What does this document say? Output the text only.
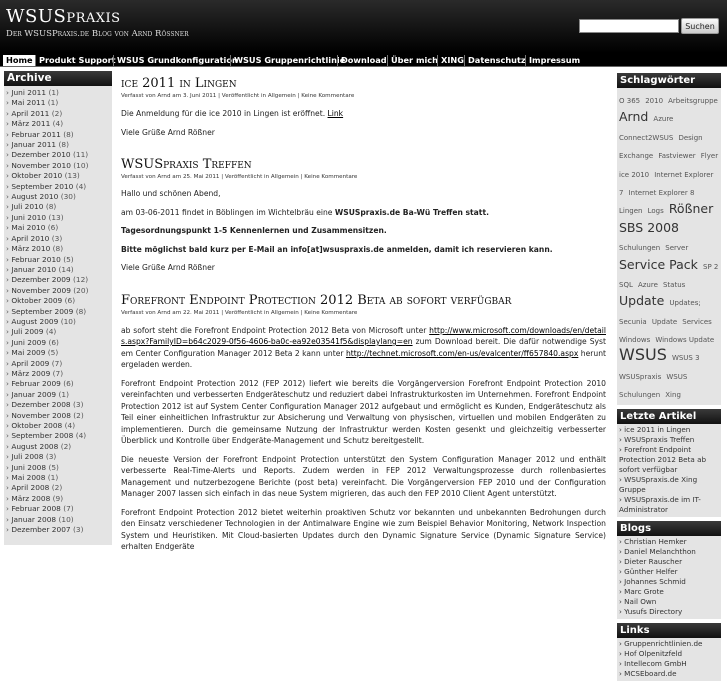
WSUSpraxis
Der WSUSPraxis.de Blog von Arnd Rößner
Suchen
Home Produkt Support WSUS Grundkonfiguration
WSUS Gruppenrichtlinie
Download Über mich XING Datenschutz Impressum
Archive
› Juni 2011 (1)
› Mai 2011 (1)
› April 2011 (2)
› März 2011 (4)
› Februar 2011 (8)
› Januar 2011 (8)
› Dezember 2010 (11)
› November 2010 (10)
› Oktober 2010 (13)
› September 2010 (4)
› August 2010 (30)
› Juli 2010 (8)
› Juni 2010 (13)
› Mai 2010 (6)
› April 2010 (3)
› März 2010 (8)
› Februar 2010 (5)
› Januar 2010 (14)
› Dezember 2009 (12)
› November 2009 (20)
› Oktober 2009 (6)
› September 2009 (8)
› August 2009 (10)
› Juli 2009 (4)
› Juni 2009 (6)
› Mai 2009 (5)
› April 2009 (7)
› März 2009 (7)
› Februar 2009 (6)
› Januar 2009 (1)
› Dezember 2008 (3)
› November 2008 (2)
› Oktober 2008 (4)
› September 2008 (4)
› August 2008 (2)
› Juli 2008 (3)
› Juni 2008 (5)
› Mai 2008 (1)
› April 2008 (2)
› März 2008 (9)
› Februar 2008 (7)
› Januar 2008 (10)
› Dezember 2007 (3)
ice 2011 in Lingen
Verfasst von Arnd am 3. Juni 2011 | Veröffentlicht in Allgemein | Keine Kommentare

Die Anmeldung für die ice 2010 in Lingen ist eröffnet. Link

Viele Grüße Arnd Rößner

WSUSpraxis Treffen
Verfasst von Arnd am 25. Mai 2011 | Veröffentlicht in Allgemein | Keine Kommentare

Hallo und schönen Abend,

am 03-06-2011 findet in Böblingen im Wichtelbräu eine WSUSpraxis.de Ba-Wü Treffen statt.

Tagesordnungspunkt 1-5 Kennenlernen und Zusammensitzen.

Bitte möglichst bald kurz per E-Mail an info[at]wsuspraxis.de anmelden, damit ich reservieren kann.

Viele Grüße Arnd Rößner

Forefront Endpoint Protection 2012 Beta ab sofort verfügbar
Verfasst von Arnd am 22. Mai 2011 | Veröffentlicht in Allgemein | Keine Kommentare

ab sofort steht die Forefront Endpoint Protection 2012 Beta von Microsoft unter http://www.microsoft.com/downloads/en/details.aspx?FamilyID=b64c2029-0f56-4606-ba0c-ea92e03541f5&displaylang=en zum Download bereit. Die dafür notwendige System Center Configuration Manager 2012 Beta 2 kann unter http://technet.microsoft.com/en-us/evalcenter/ff657840.aspx heruntergeladen werden.

Forefront Endpoint Protection 2012 (FEP 2012) liefert wie bereits die Vorgängerversion Forefront Endpoint Protection 2010 vereinfachten und verbesserten Endgeräteschutz und reduziert dabei Infrastrukturkosten im Unternehmen. Forefront Endpoint Protection 2012 ist auf System Center Configuration Manager 2012 aufgebaut und ermöglicht es Kunden, Endgeräteschutz als Teil einer einheitlichen Infrastruktur zur Absicherung und Verwaltung von physischen, virtuellen und mobilen Endgeräten zu implementieren. Durch die gemeinsame Nutzung der Infrastruktur werden Kosten gesenkt und gleichzeitig verbesserter Überblick und Kontrolle über Endgeräte-Management und Schutz bereitgestellt.

Die neueste Version der Forefront Endpoint Protection unterstützt den System Configuration Manager 2012 und enthält verbesserte Real-Time-Alerts und Reports. Zudem werden in FEP 2012 Verwaltungsprozesse durch rollenbasiertes Management und nutzerbezogene Berichte (post beta) vereinfacht. Die Vorgängerversion FEP 2010 und der Configuration Manager 2007 lassen sich einfach in das neue System migrieren, das auch den FEP 2010 Client Agent unterstützt.

Forefront Endpoint Protection 2012 bietet weiterhin proaktiven Schutz vor bekannten und unbekannten Bedrohungen durch den Einsatz verschiedener Technologien in der Antimalware Engine wie zum Beispiel Behavior Monitoring, Network Inspection System und Heuristiken. Mit Cloud-basierten Updates durch den Dynamic Signature Service (Dynamic Signature Service) erhalten Endgeräte

Schlagwörter
O 365 2010 Arbeitsgruppe Arnd Azure Connect2WSUS Design Exchange Fastviewer Flyer ice 2010 Internet Explorer 7 Internet Explorer 8 Lingen Logs Rößner SBS 2008 Schulungen Server Service Pack SP 2 SQL Azure Status Update Updates; Secunia Update Services Windows Windows Update WSUS WSUS 3 WSUSpraxis WSUS Schulungen Xing
Letzte Artikel
› ice 2011 in Lingen
› WSUSpraxis Treffen
› Forefront Endpoint Protection 2012 Beta ab sofort verfügbar
› WSUSpraxis.de Xing Gruppe
› WSUSpraxis.de im IT-Administrator
Blogs
› Christian Hemker
› Daniel Melanchthon
› Dieter Rauscher
› Günther Helfer
› Johannes Schmid
› Marc Grote
› Nail Own
› Yusufs Directory
Links
› Gruppenrichtlinien.de
› Hof Olpenitzfeld
› Intellecom GmbH
› MCSEboard.de
